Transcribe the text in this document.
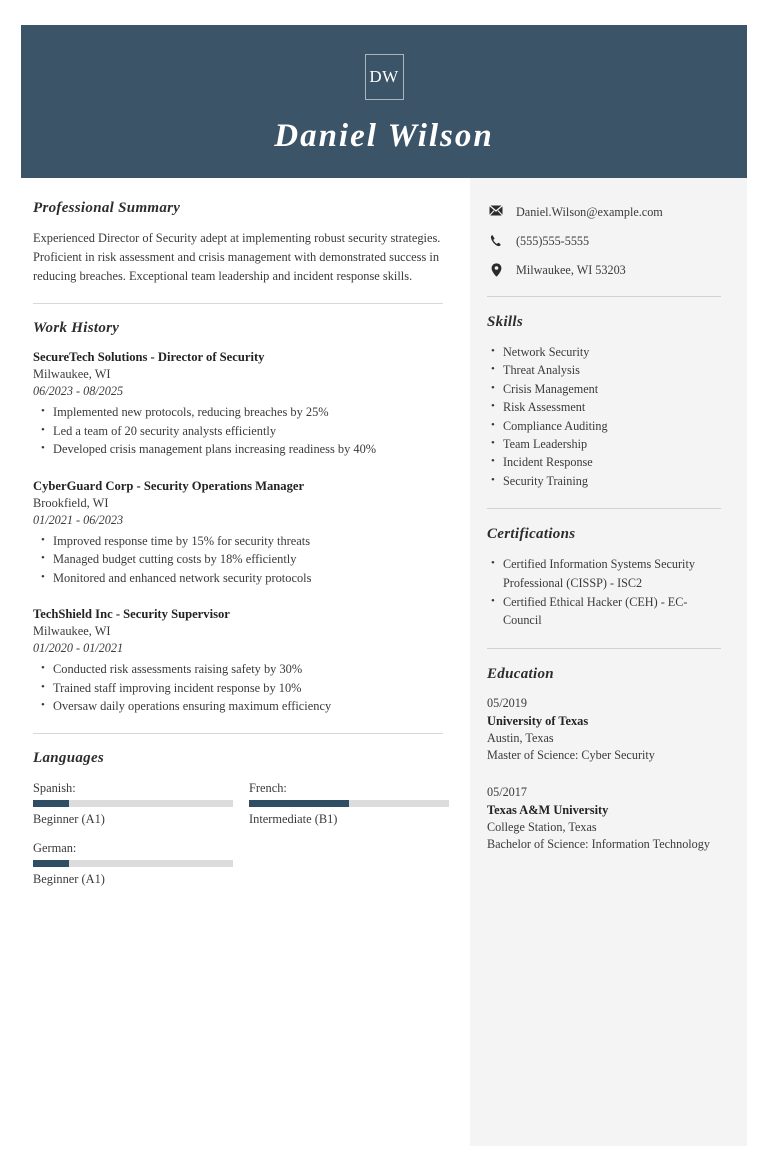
DW
Daniel Wilson
Professional Summary

Experienced Director of Security adept at implementing robust security strategies. Proficient in risk assessment and crisis management with demonstrated success in reducing breaches. Exceptional team leadership and incident response skills.

Work History
SecureTech Solutions - Director of Security
Milwaukee, WI
06/2023 - 08/2025
• Implemented new protocols, reducing breaches by 25%
• Led a team of 20 security analysts efficiently
• Developed crisis management plans increasing readiness by 40%
CyberGuard Corp - Security Operations Manager
Brookfield, WI
01/2021 - 06/2023
• Improved response time by 15% for security threats
• Managed budget cutting costs by 18% efficiently
• Monitored and enhanced network security protocols
TechShield Inc - Security Supervisor
Milwaukee, WI
01/2020 - 01/2021
• Conducted risk assessments raising safety by 30%
• Trained staff improving incident response by 10%
• Oversaw daily operations ensuring maximum efficiency
Languages
Spanish:
Beginner (A1)
French:
Intermediate (B1)
German:
Beginner (A1)
Daniel.Wilson@example.com
(555)555-5555
Milwaukee, WI 53203
Skills
• Network Security
• Threat Analysis
• Crisis Management
• Risk Assessment
• Compliance Auditing
• Team Leadership
• Incident Response
• Security Training
Certifications
• Certified Information Systems Security Professional (CISSP) - ISC2
• Certified Ethical Hacker (CEH) - EC-Council
Education
05/2019
University of Texas
Austin, Texas
Master of Science: Cyber Security
05/2017
Texas A&M University
College Station, Texas
Bachelor of Science: Information Technology
